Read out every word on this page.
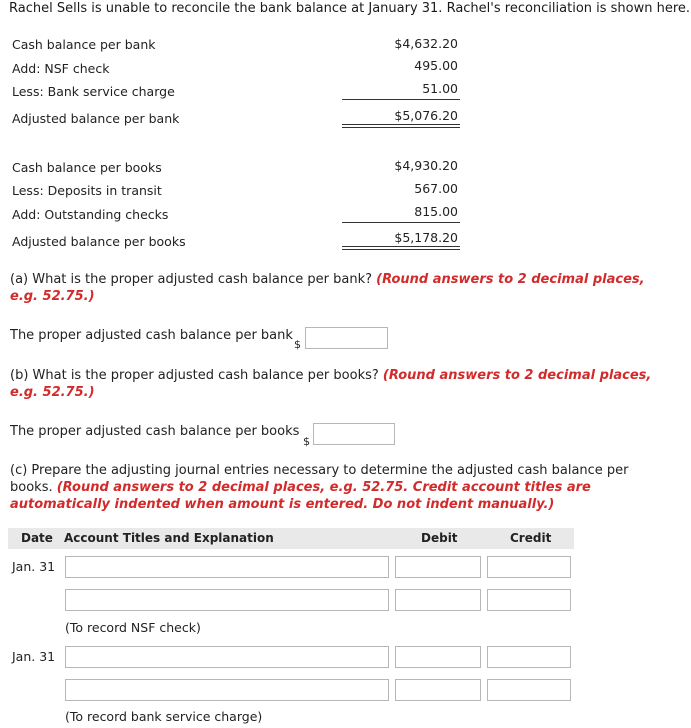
Rachel Sells is unable to reconcile the bank balance at January 31. Rachel's reconciliation is shown here.
Cash balance per bank	$4,632.20
Add: NSF check	495.00
Less: Bank service charge	51.00
Adjusted balance per bank	$5,076.20
Cash balance per books	$4,930.20
Less: Deposits in transit	567.00
Add: Outstanding checks	815.00
Adjusted balance per books	$5,178.20
(a) What is the proper adjusted cash balance per bank? (Round answers to 2 decimal places, e.g. 52.75.)
The proper adjusted cash balance per bank
$
(b) What is the proper adjusted cash balance per books? (Round answers to 2 decimal places, e.g. 52.75.)
The proper adjusted cash balance per books
$
(c) Prepare the adjusting journal entries necessary to determine the adjusted cash balance per books. (Round answers to 2 decimal places, e.g. 52.75. Credit account titles are automatically indented when amount is entered. Do not indent manually.)
Date Account Titles and Explanation	Debit	Credit
Jan. 31
(To record NSF check)
Jan. 31
(To record bank service charge)
